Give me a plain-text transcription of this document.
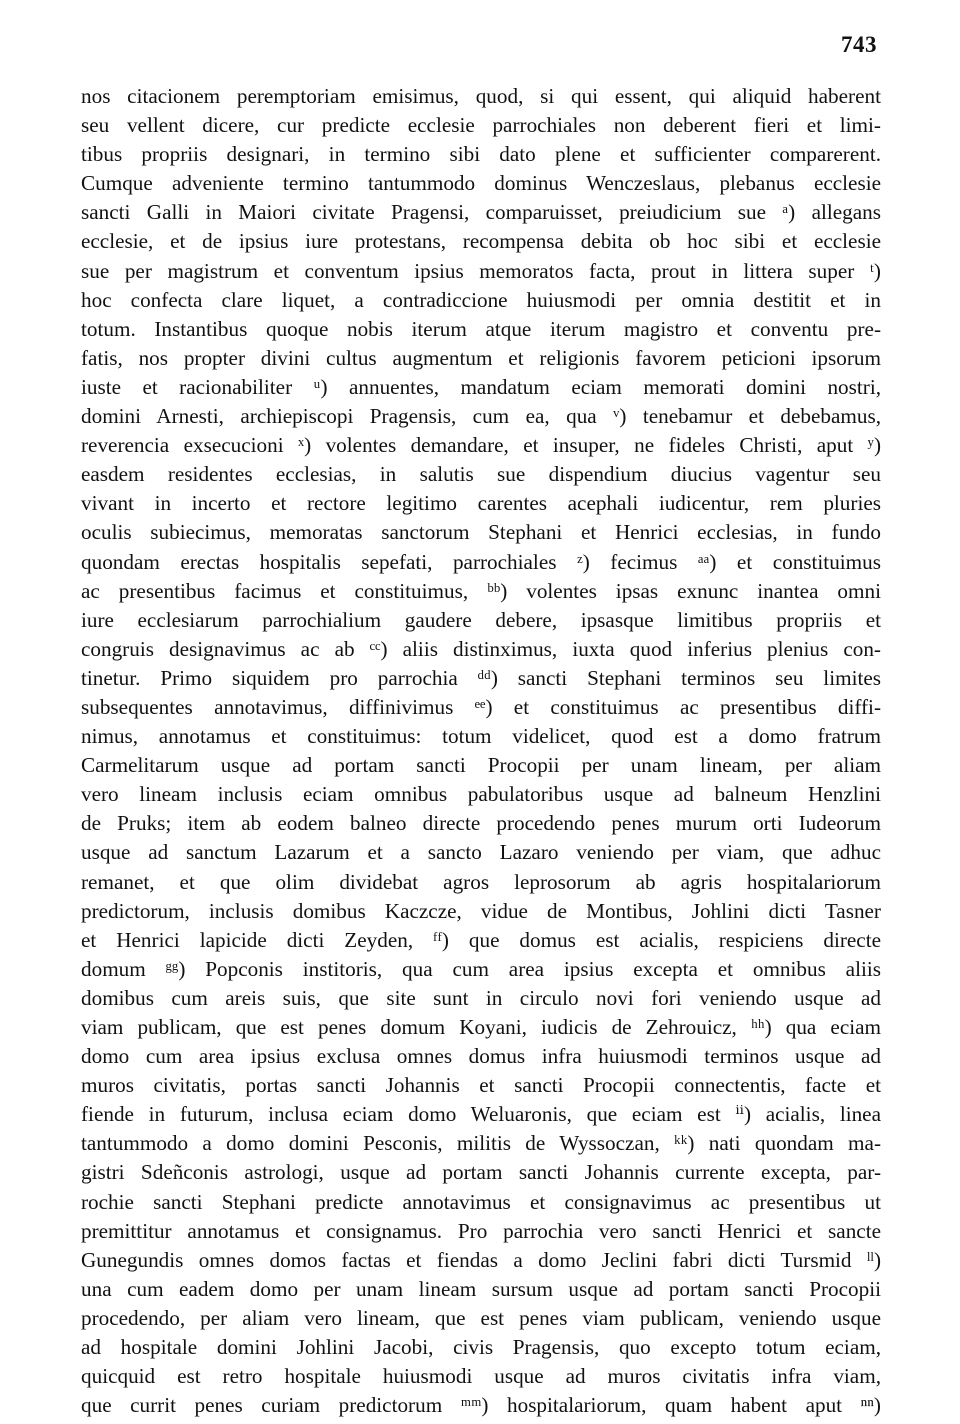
743
nos citacionem peremptoriam emisimus, quod, si qui essent, qui aliquid haberent
seu vellent dicere, cur predicte ecclesie parrochiales non deberent fieri et limi-
tibus propriis designari, in termino sibi dato plene et sufficienter comparerent.
Cumque adveniente termino tantummodo dominus Wenczeslaus, plebanus ecclesie
sancti Galli in Maiori civitate Pragensi, comparuisset, preiudicium sue ᵃ) allegans
ecclesie, et de ipsius iure protestans, recompensa debita ob hoc sibi et ecclesie
sue per magistrum et conventum ipsius memoratos facta, prout in littera super ᵗ)
hoc confecta clare liquet, a contradiccione huiusmodi per omnia destitit et in
totum. Instantibus quoque nobis iterum atque iterum magistro et conventu pre-
fatis, nos propter divini cultus augmentum et religionis favorem peticioni ipsorum
iuste et racionabiliter ᵘ) annuentes, mandatum eciam memorati domini nostri,
domini Arnesti, archiepiscopi Pragensis, cum ea, qua ᵛ) tenebamur et debebamus,
reverencia exsecucioni ˣ) volentes demandare, et insuper, ne fideles Christi, aput ʸ)
easdem residentes ecclesias, in salutis sue dispendium diucius vagentur seu
vivant in incerto et rectore legitimo carentes acephali iudicentur, rem pluries
oculis subiecimus, memoratas sanctorum Stephani et Henrici ecclesias, in fundo
quondam erectas hospitalis sepefati, parrochiales ᶻ) fecimus ᵃᵃ) et constituimus
ac presentibus facimus et constituimus, ᵇᵇ) volentes ipsas exnunc inantea omni
iure ecclesiarum parrochialium gaudere debere, ipsasque limitibus propriis et
congruis designavimus ac ab ᶜᶜ) aliis distinximus, iuxta quod inferius plenius con-
tinetur. Primo siquidem pro parrochia ᵈᵈ) sancti Stephani terminos seu limites
subsequentes annotavimus, diffinivimus ᵉᵉ) et constituimus ac presentibus diffi-
nimus, annotamus et constituimus: totum videlicet, quod est a domo fratrum
Carmelitarum usque ad portam sancti Procopii per unam lineam, per aliam
vero lineam inclusis eciam omnibus pabulatoribus usque ad balneum Henzlini
de Pruks; item ab eodem balneo directe procedendo penes murum orti Iudeorum
usque ad sanctum Lazarum et a sancto Lazaro veniendo per viam, que adhuc
remanet, et que olim dividebat agros leprosorum ab agris hospitalariorum
predictorum, inclusis domibus Kaczcze, vidue de Montibus, Johlini dicti Tasner
et Henrici lapicide dicti Zeyden, ᶠᶠ) que domus est acialis, respiciens directe
domum ᵍᵍ) Popconis institoris, qua cum area ipsius excepta et omnibus aliis
domibus cum areis suis, que site sunt in circulo novi fori veniendo usque ad
viam publicam, que est penes domum Koyani, iudicis de Zehrouicz, ʰʰ) qua eciam
domo cum area ipsius exclusa omnes domus infra huiusmodi terminos usque ad
muros civitatis, portas sancti Johannis et sancti Procopii connectentis, facte et
fiende in futurum, inclusa eciam domo Weluaronis, que eciam est ⁱⁱ) acialis, linea
tantummodo a domo domini Pesconis, militis de Wyssoczan, ᵏᵏ) nati quondam ma-
gistri Sdeñconis astrologi, usque ad portam sancti Johannis currente excepta, par-
rochie sancti Stephani predicte annotavimus et consignavimus ac presentibus ut
premittitur annotamus et consignamus. Pro parrochia vero sancti Henrici et sancte
Gunegundis omnes domos factas et fiendas a domo Jeclini fabri dicti Tursmid ˡˡ)
una cum eadem domo per unam lineam sursum usque ad portam sancti Procopii
procedendo, per aliam vero lineam, que est penes viam publicam, veniendo usque
ad hospitale domini Johlini Jacobi, civis Pragensis, quo excepto totum eciam,
quicquid est retro hospitale huiusmodi usque ad muros civitatis infra viam,
que currit penes curiam predictorum ᵐᵐ) hospitalariorum, quam habent aput ⁿⁿ)
